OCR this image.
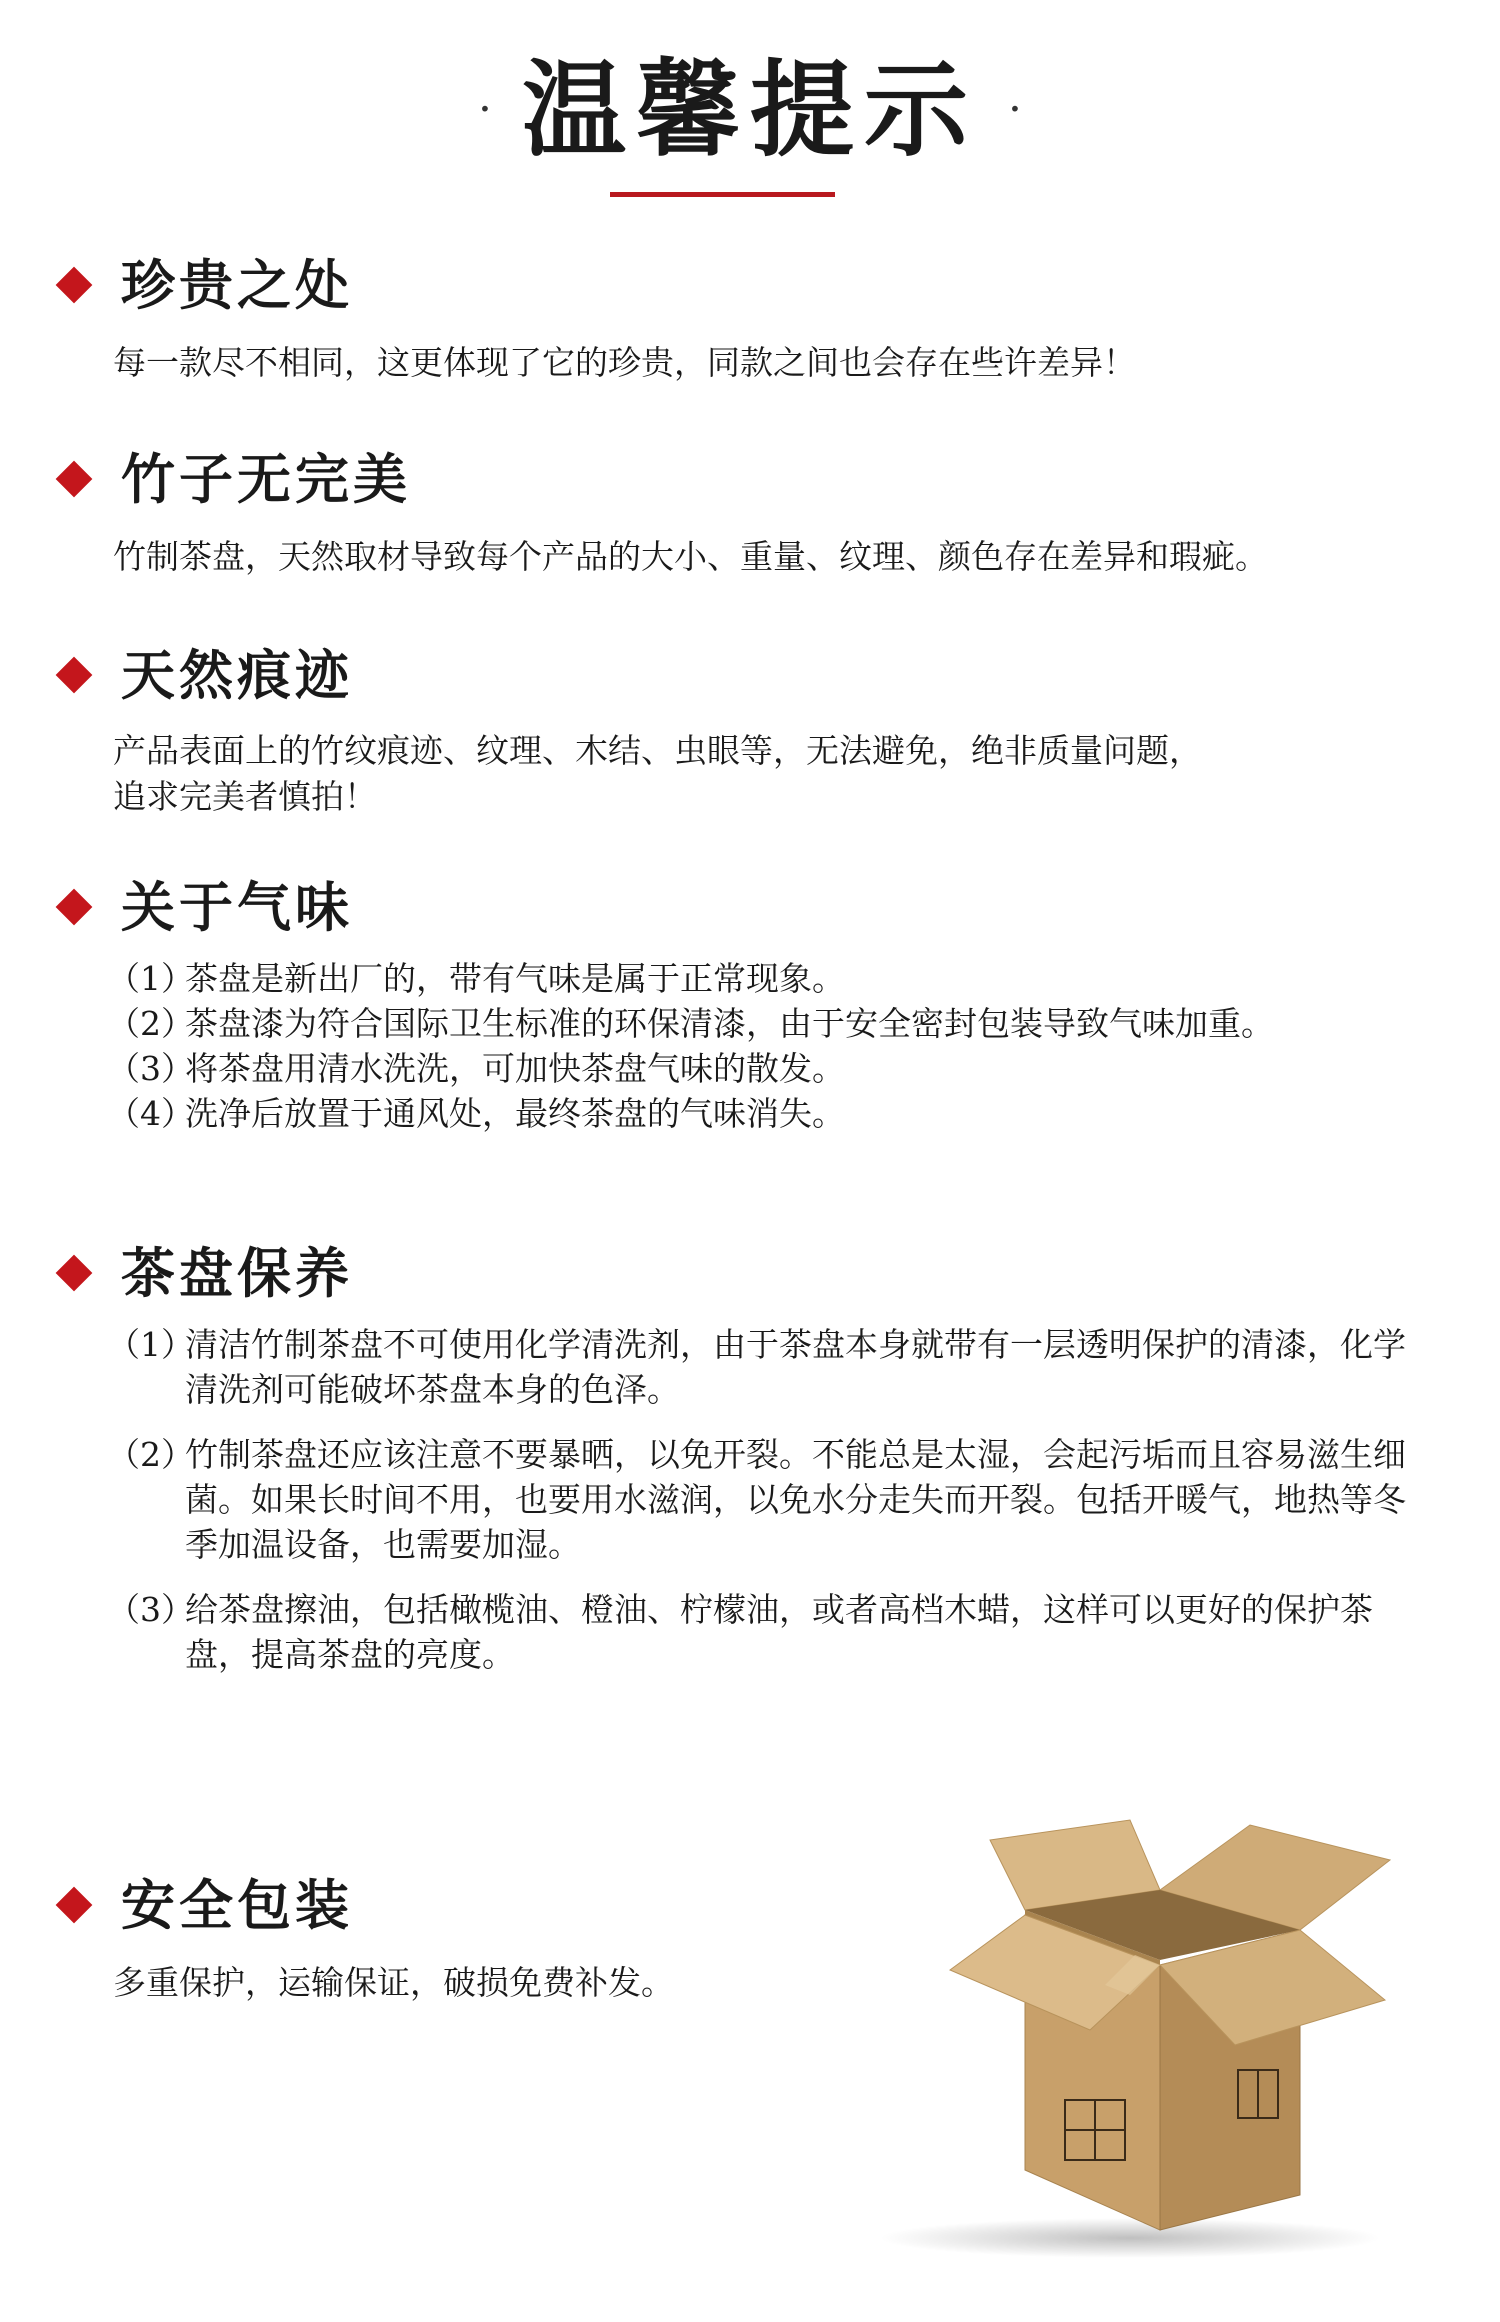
· 温馨提示 ·
珍贵之处
每一款尽不相同，这更体现了它的珍贵，同款之间也会存在些许差异！
竹子无完美
竹制茶盘，天然取材导致每个产品的大小、重量、纹理、颜色存在差异和瑕疵。
天然痕迹
产品表面上的竹纹痕迹、纹理、木结、虫眼等，无法避免，绝非质量问题，
追求完美者慎拍！
关于气味
（1）
茶盘是新出厂的，带有气味是属于正常现象。
（2）
茶盘漆为符合国际卫生标准的环保清漆，由于安全密封包装导致气味加重。
（3）
将茶盘用清水洗洗，可加快茶盘气味的散发。
（4）
洗净后放置于通风处，最终茶盘的气味消失。
茶盘保养
（1）
清洁竹制茶盘不可使用化学清洗剂，由于茶盘本身就带有一层透明保护的清漆，化学清洗剂可能破坏茶盘本身的色泽。
（2）
竹制茶盘还应该注意不要暴晒，以免开裂。不能总是太湿，会起污垢而且容易滋生细菌。如果长时间不用，也要用水滋润，以免水分走失而开裂。包括开暖气，地热等冬季加温设备，也需要加湿。
（3）
给茶盘擦油，包括橄榄油、橙油、柠檬油，或者高档木蜡，这样可以更好的保护茶盘，提高茶盘的亮度。
安全包装
多重保护，运输保证，破损免费补发。
